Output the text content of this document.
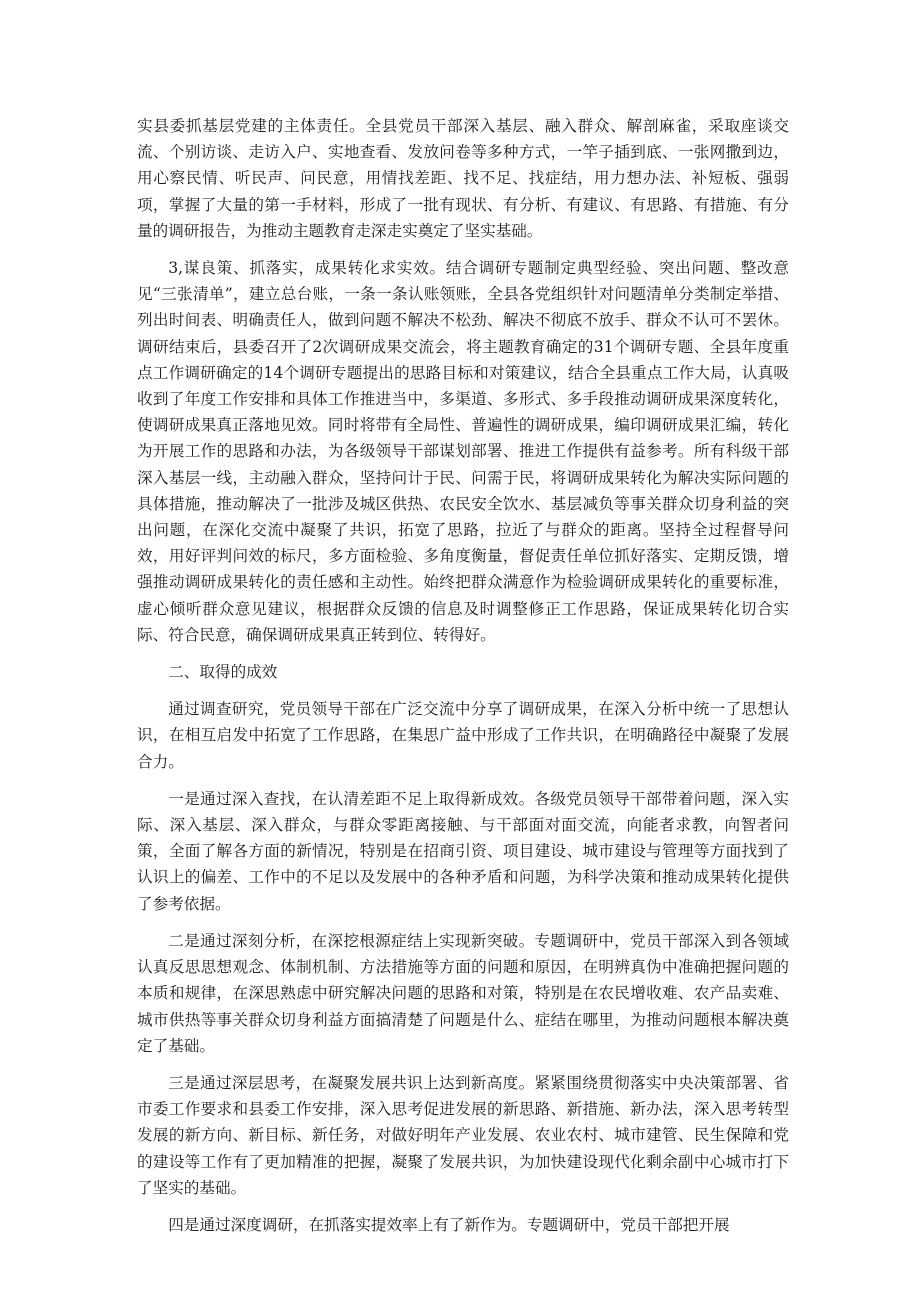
实县委抓基层党建的主体责任。全县党员干部深入基层、融入群众、解剖麻雀，采取座谈交流、个别访谈、走访入户、实地查看、发放问卷等多种方式，一竿子插到底、一张网撒到边，用心察民情、听民声、问民意，用情找差距、找不足、找症结，用力想办法、补短板、强弱项，掌握了大量的第一手材料，形成了一批有现状、有分析、有建议、有思路、有措施、有分量的调研报告，为推动主题教育走深走实奠定了坚实基础。

3,谋良策、抓落实，成果转化求实效。结合调研专题制定典型经验、突出问题、整改意见“三张清单”，建立总台账，一条一条认账领账，全县各党组织针对问题清单分类制定举措、列出时间表、明确责任人，做到问题不解决不松劲、解决不彻底不放手、群众不认可不罢休。调研结束后，县委召开了2次调研成果交流会，将主题教育确定的31个调研专题、全县年度重点工作调研确定的14个调研专题提出的思路目标和对策建议，结合全县重点工作大局，认真吸收到了年度工作安排和具体工作推进当中，多渠道、多形式、多手段推动调研成果深度转化，使调研成果真正落地见效。同时将带有全局性、普遍性的调研成果，编印调研成果汇编，转化为开展工作的思路和办法，为各级领导干部谋划部署、推进工作提供有益参考。所有科级干部深入基层一线，主动融入群众，坚持问计于民、问需于民，将调研成果转化为解决实际问题的具体措施，推动解决了一批涉及城区供热、农民安全饮水、基层减负等事关群众切身利益的突出问题，在深化交流中凝聚了共识，拓宽了思路，拉近了与群众的距离。坚持全过程督导问效，用好评判问效的标尺，多方面检验、多角度衡量，督促责任单位抓好落实、定期反馈，增强推动调研成果转化的责任感和主动性。始终把群众满意作为检验调研成果转化的重要标准，虚心倾听群众意见建议，根据群众反馈的信息及时调整修正工作思路，保证成果转化切合实际、符合民意，确保调研成果真正转到位、转得好。

二、取得的成效

通过调查研究，党员领导干部在广泛交流中分享了调研成果，在深入分析中统一了思想认识，在相互启发中拓宽了工作思路，在集思广益中形成了工作共识，在明确路径中凝聚了发展合力。

一是通过深入查找，在认清差距不足上取得新成效。各级党员领导干部带着问题，深入实际、深入基层、深入群众，与群众零距离接触、与干部面对面交流，向能者求教，向智者问策，全面了解各方面的新情况，特别是在招商引资、项目建设、城市建设与管理等方面找到了认识上的偏差、工作中的不足以及发展中的各种矛盾和问题，为科学决策和推动成果转化提供了参考依据。

二是通过深刻分析，在深挖根源症结上实现新突破。专题调研中，党员干部深入到各领域认真反思思想观念、体制机制、方法措施等方面的问题和原因，在明辨真伪中准确把握问题的本质和规律，在深思熟虑中研究解决问题的思路和对策，特别是在农民增收难、农产品卖难、城市供热等事关群众切身利益方面搞清楚了问题是什么、症结在哪里，为推动问题根本解决奠定了基础。

三是通过深层思考，在凝聚发展共识上达到新高度。紧紧围绕贯彻落实中央决策部署、省市委工作要求和县委工作安排，深入思考促进发展的新思路、新措施、新办法，深入思考转型发展的新方向、新目标、新任务，对做好明年产业发展、农业农村、城市建管、民生保障和党的建设等工作有了更加精准的把握，凝聚了发展共识，为加快建设现代化剩余副中心城市打下了坚实的基础。

四是通过深度调研，在抓落实提效率上有了新作为。专题调研中，党员干部把开展
